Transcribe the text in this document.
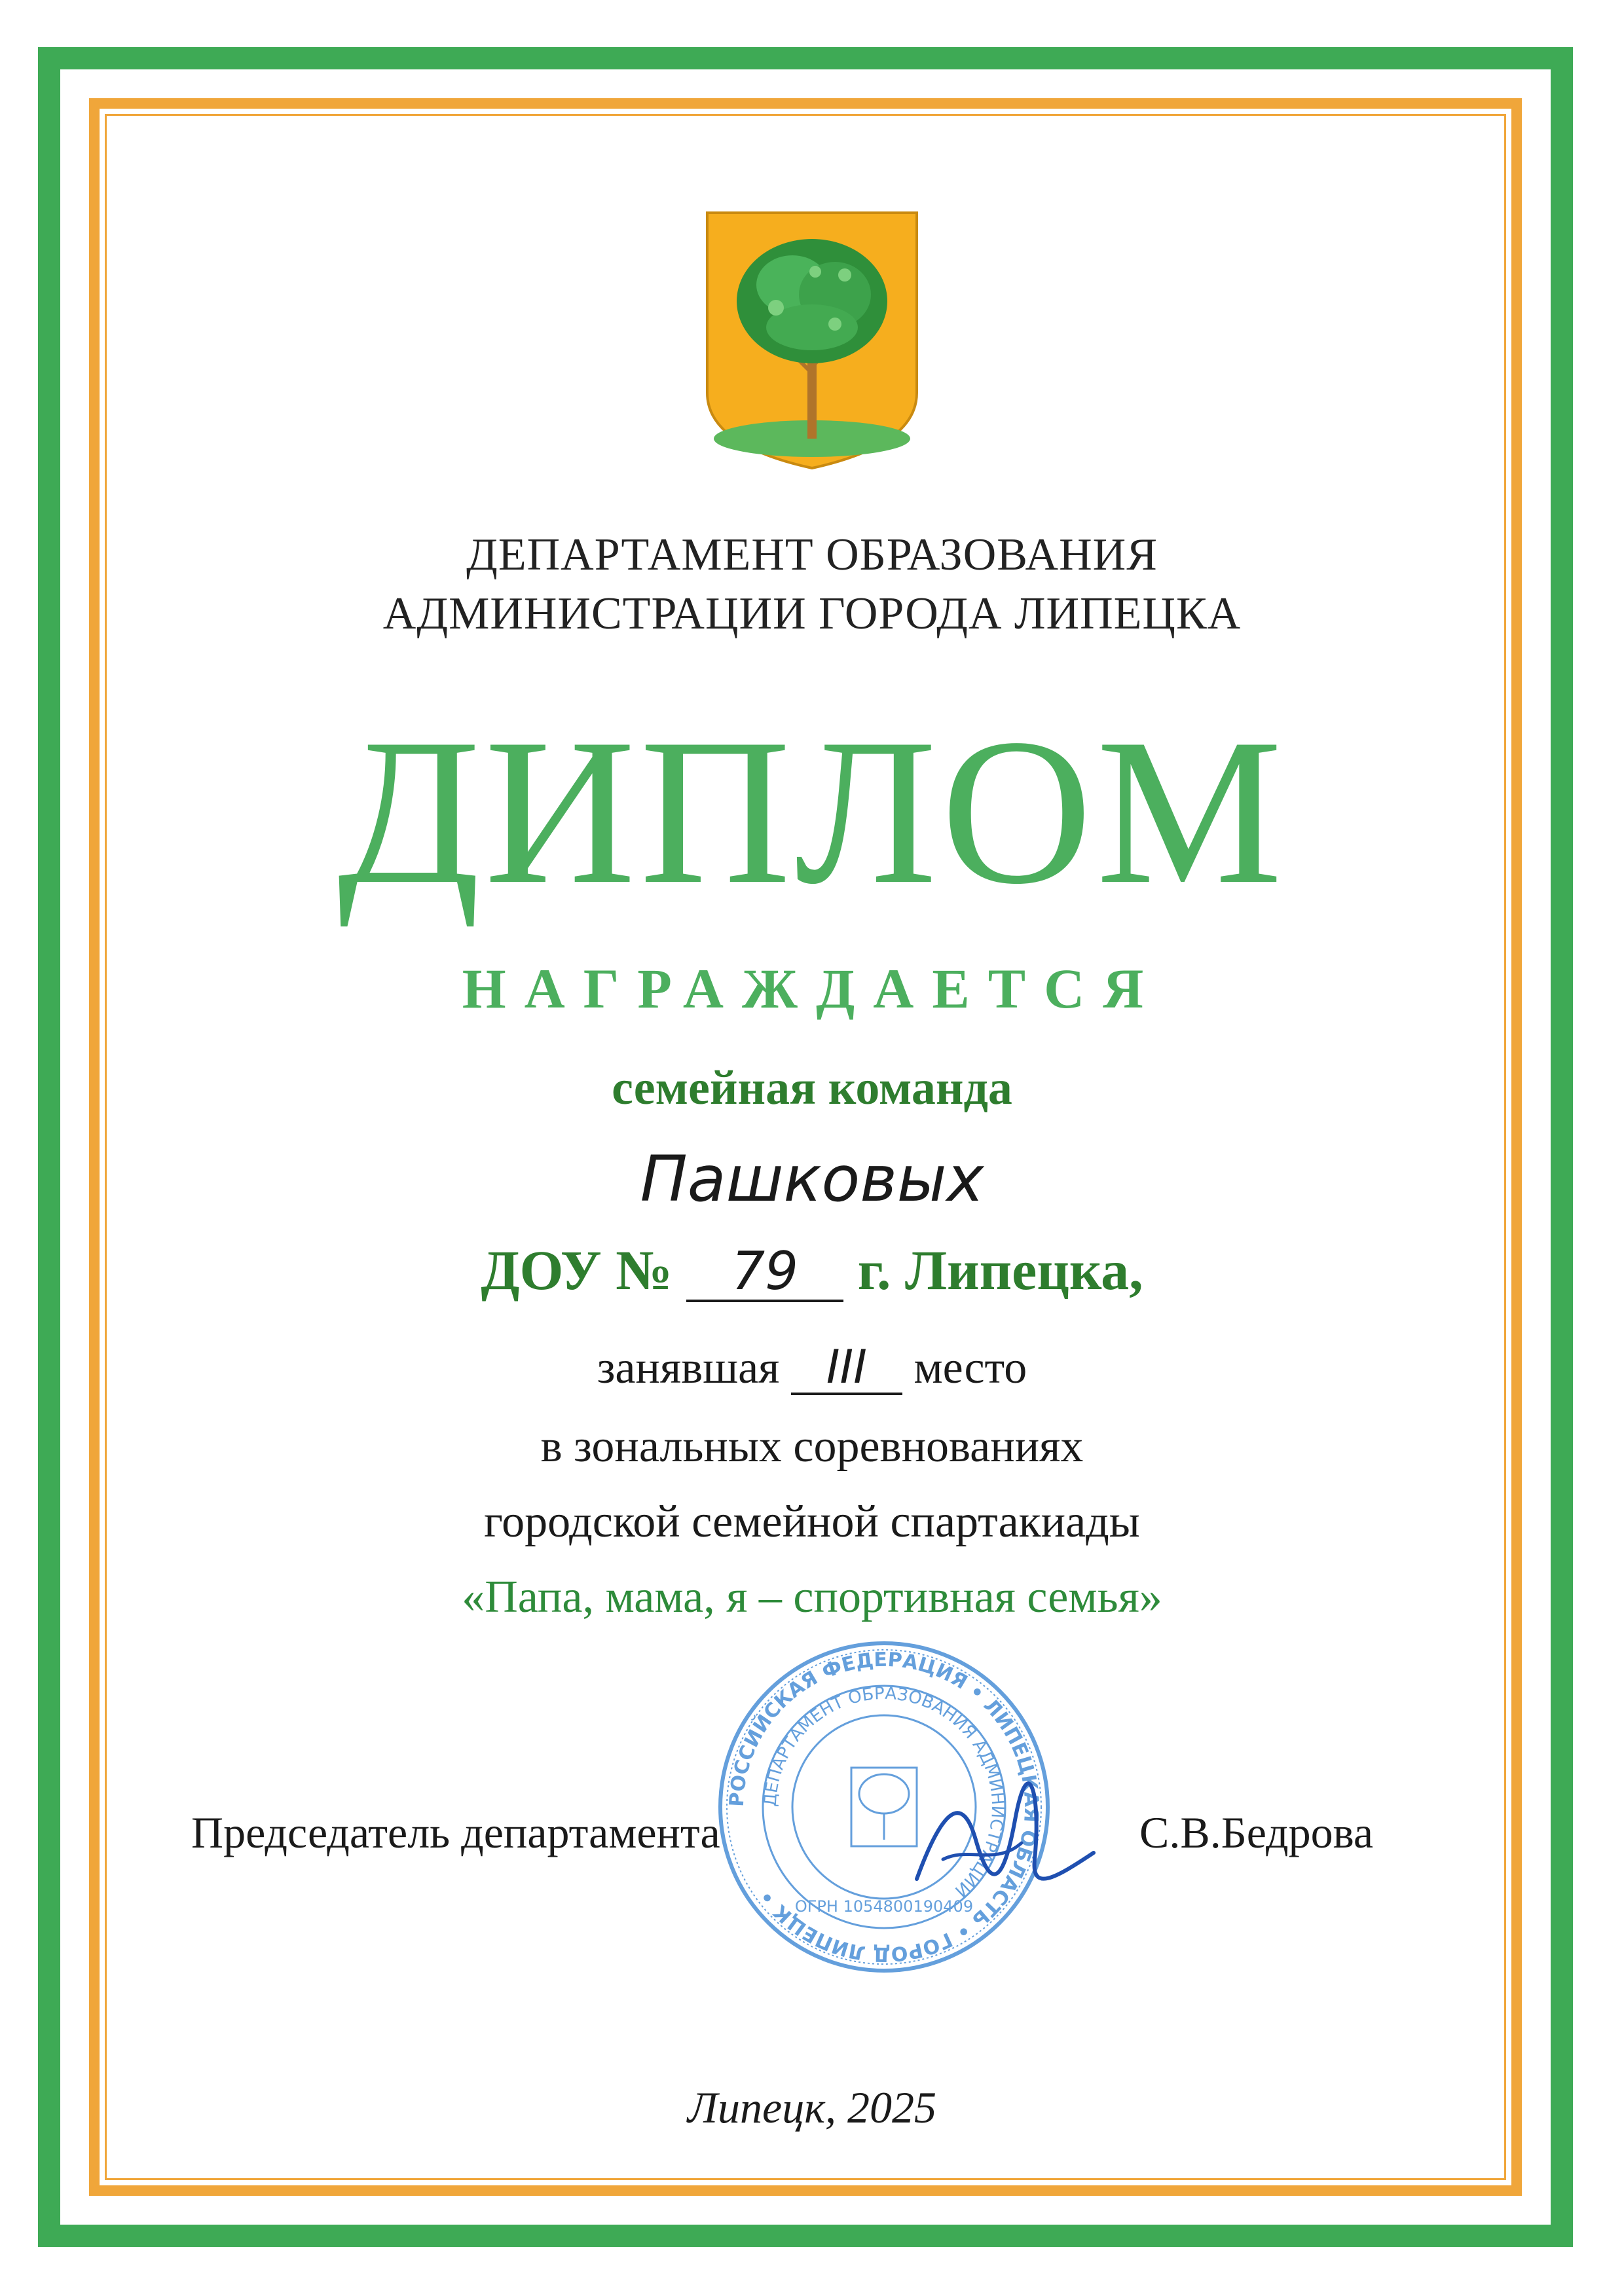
ДЕПАРТАМЕНТ ОБРАЗОВАНИЯ
АДМИНИСТРАЦИИ ГОРОДА ЛИПЕЦКА
ДИПЛОМ
НАГРАЖДАЕТСЯ
семейная команда
Пашковых
ДОУ № 79 г. Липецка,
занявшая III место
в зональных соревнованиях
городской семейной спартакиады
«Папа, мама, я – спортивная семья»
РОССИЙСКАЯ ФЕДЕРАЦИЯ • ЛИПЕЦКАЯ ОБЛАСТЬ • ГОРОД ЛИПЕЦК •
ДЕПАРТАМЕНТ ОБРАЗОВАНИЯ АДМИНИСТРАЦИИ
ОГРН 1054800190409
Председатель департамента	С.В.Бедрова
Липецк, 2025
